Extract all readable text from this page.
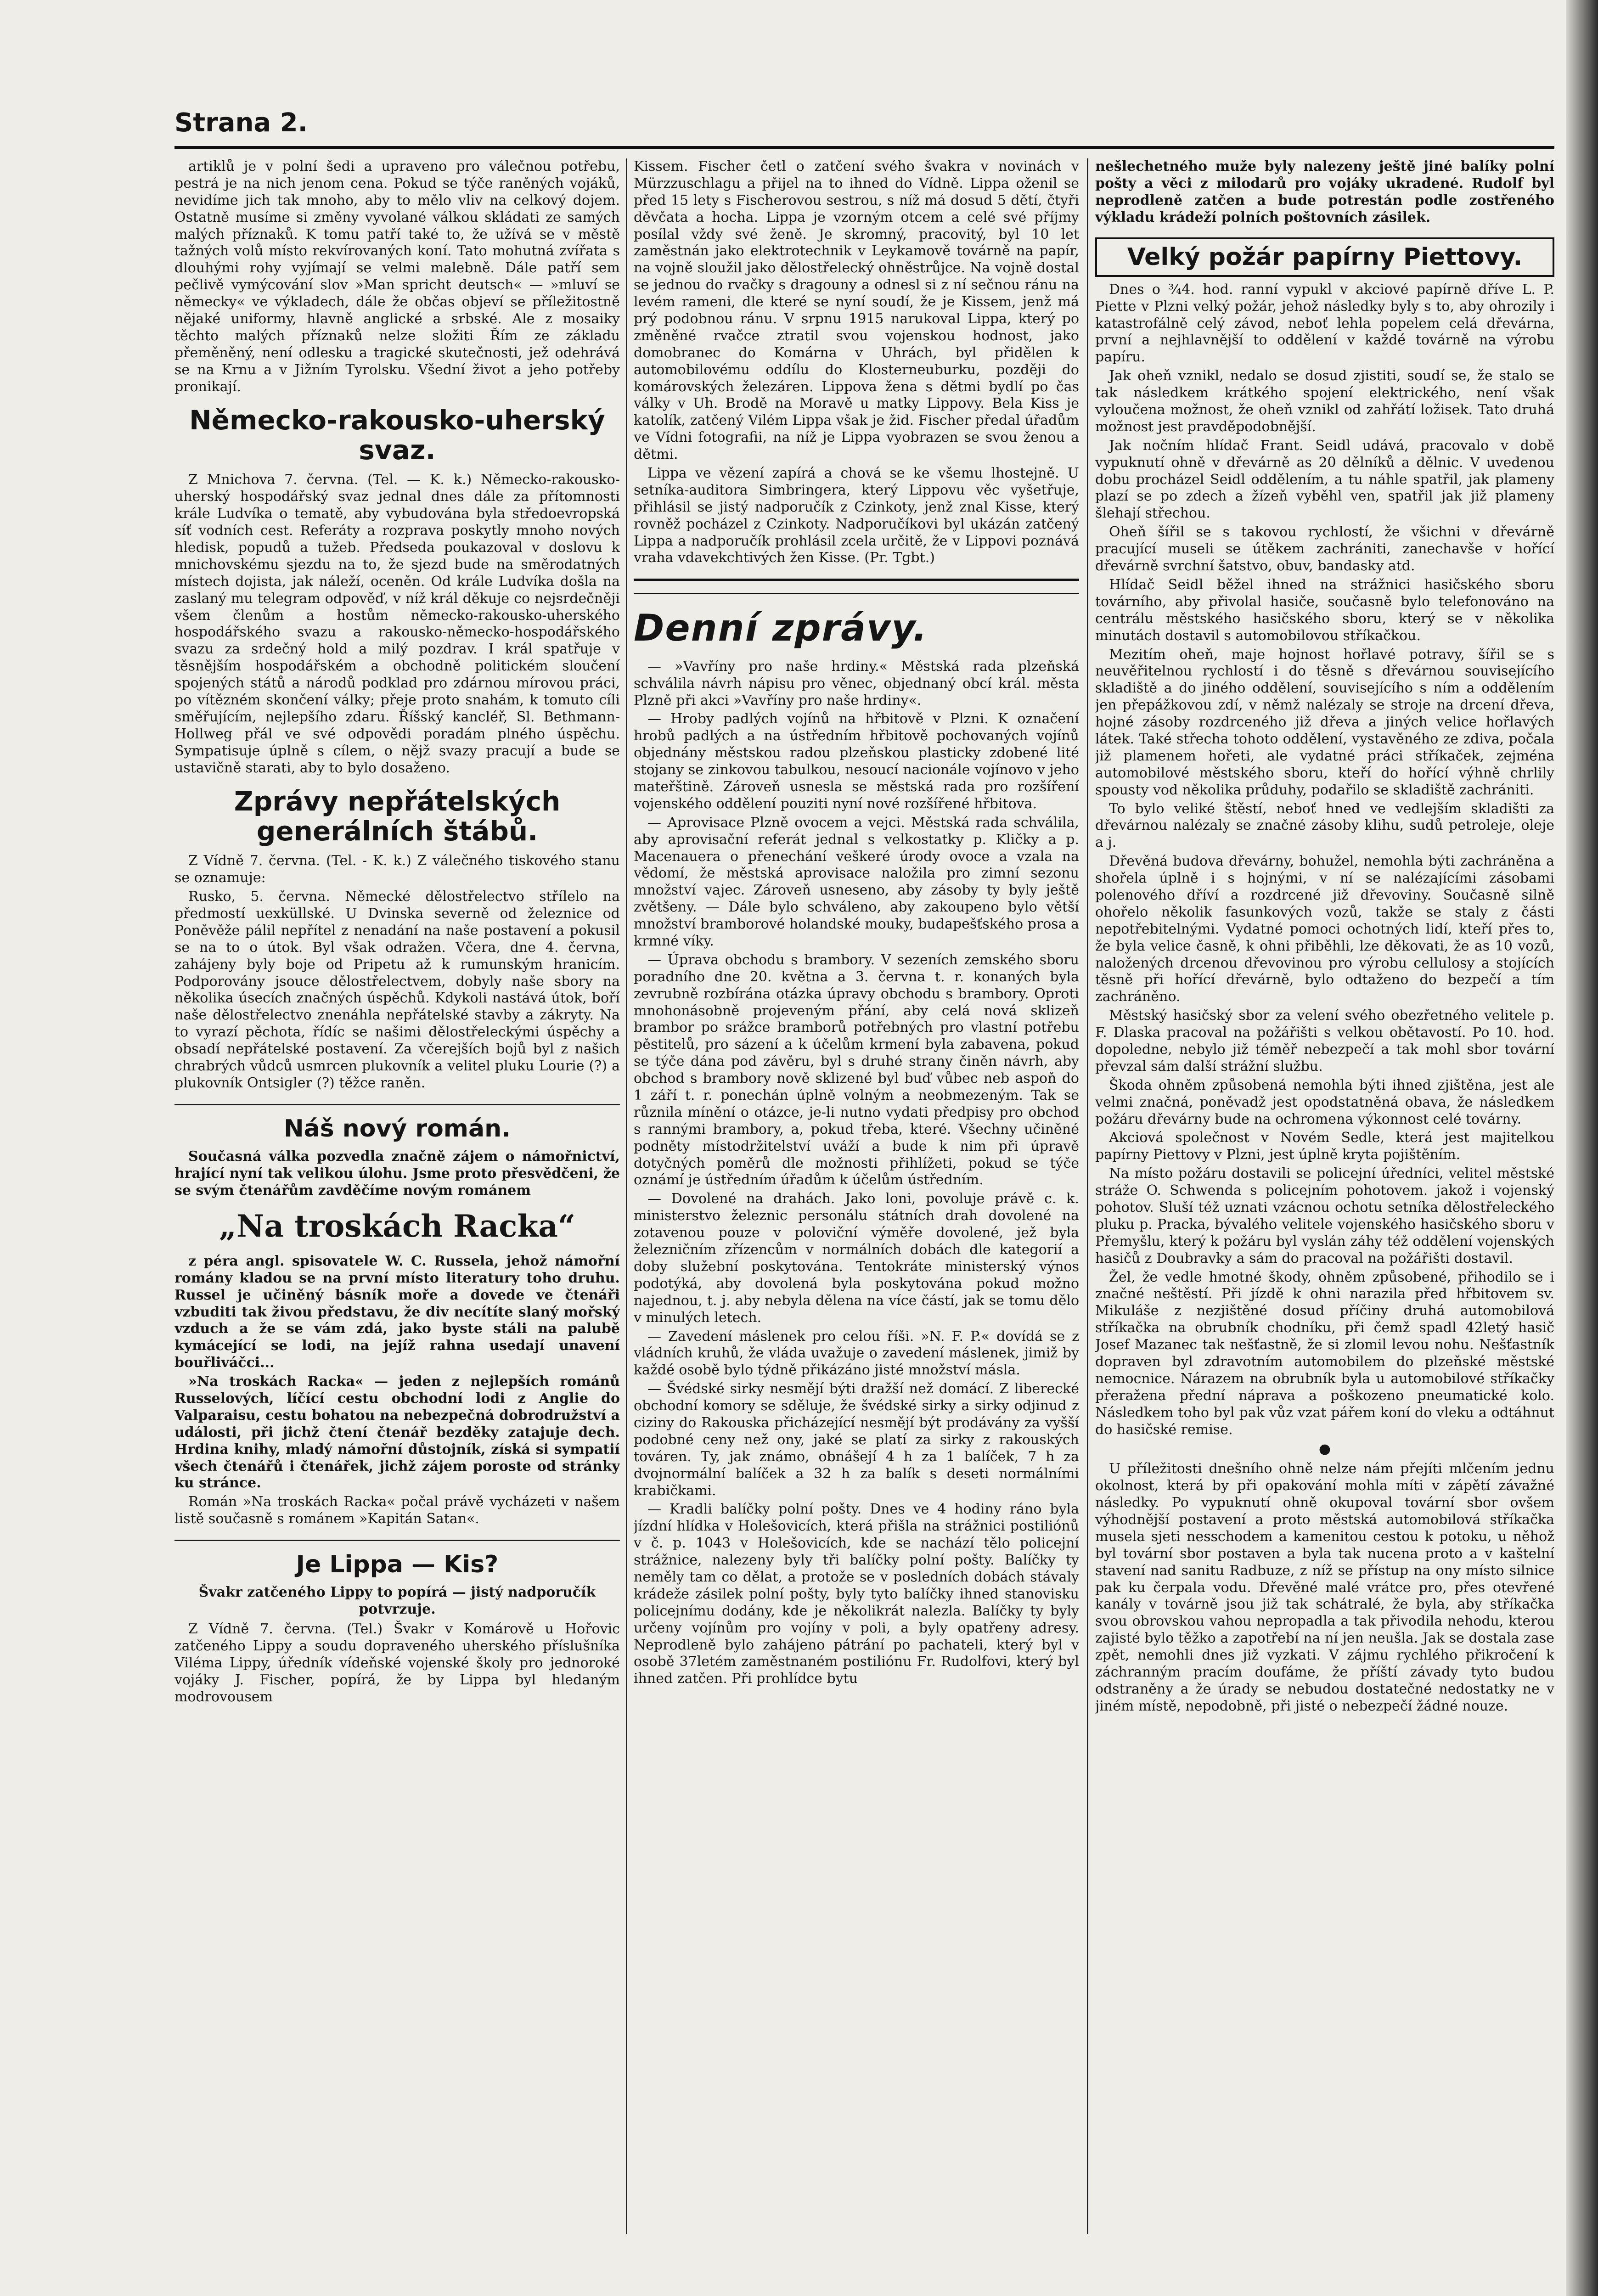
Strana 2.

artiklů je v polní šedi a upraveno pro válečnou potřebu, pestrá je na nich jenom cena. Pokud se týče raněných vojáků, nevidíme jich tak mnoho, aby to mělo vliv na celkový dojem. Ostatně musíme si změny vyvolané válkou skládati ze samých malých příznaků. K tomu patří také to, že užívá se v městě tažných volů místo rekvírovaných koní. Tato mohutná zvířata s dlouhými rohy vyjímají se velmi malebně. Dále patří sem pečlivě vymýcování slov »Man spricht deutsch« — »mluví se německy« ve výkladech, dále že občas objeví se příležitostně nějaké uniformy, hlavně anglické a srbské. Ale z mosaiky těchto malých příznaků nelze složiti Řím ze základu přeměněný, není odlesku a tragické skutečnosti, jež odehrává se na Krnu a v Jižním Tyrolsku. Všední život a jeho potřeby pronikají.

Německo-rakousko-uherský svaz.

Z Mnichova 7. června. (Tel. — K. k.) Německo-rakousko-uherský hospodářský svaz jednal dnes dále za přítomnosti krále Ludvíka o tematě, aby vybudována byla středoevropská síť vodních cest. Referáty a rozprava poskytly mnoho nových hledisk, popudů a tužeb. Předseda poukazoval v doslovu k mnichovskému sjezdu na to, že sjezd bude na směrodatných místech dojista, jak náleží, oceněn. Od krále Ludvíka došla na zaslaný mu telegram odpověď, v níž král děkuje co nejsrdečněji všem členům a hostům německo-rakousko-uherského hospodářského svazu a rakousko-německo-hospodářského svazu za srdečný hold a milý pozdrav. I král spatřuje v těsnějším hospodářském a obchodně politickém sloučení spojených států a národů podklad pro zdárnou mírovou práci, po vítězném skončení války; přeje proto snahám, k tomuto cíli směřujícím, nejlepšího zdaru. Říšský kancléř, Sl. Bethmann-Hollweg přál ve své odpovědi poradám plného úspěchu. Sympatisuje úplně s cílem, o nějž svazy pracují a bude se ustavičně starati, aby to bylo dosaženo.

Zprávy nepřátelských generálních štábů.

Z Vídně 7. června. (Tel. - K. k.) Z válečného tiskového stanu se oznamuje:

Rusko, 5. června. Německé dělostřelectvo střílelo na předmostí uexküllské. U Dvinska severně od železnice od Poněvěže pálil nepřítel z nenadání na naše postavení a pokusil se na to o útok. Byl však odražen. Včera, dne 4. června, zahájeny byly boje od Pripetu až k rumunským hranicím. Podporovány jsouce dělostřelectvem, dobyly naše sbory na několika úsecích značných úspěchů. Kdykoli nastává útok, boří naše dělostřelectvo znenáhla nepřátelské stavby a zákryty. Na to vyrazí pěchota, řídíc se našimi dělostřeleckými úspěchy a obsadí nepřátelské postavení. Za včerejších bojů byl z našich chrabrých vůdců usmrcen plukovník a velitel pluku Lourie (?) a plukovník Ontsigler (?) těžce raněn.

Náš nový román.

Současná válka pozvedla značně zájem o námořnictví, hrající nyní tak velikou úlohu. Jsme proto přesvědčeni, že se svým čtenářům zavděčíme novým románem

„Na troskách Racka“

z péra angl. spisovatele W. C. Russela, jehož námořní romány kladou se na první místo literatury toho druhu. Russel je učiněný básník moře a dovede ve čtenáři vzbuditi tak živou představu, že div necítíte slaný mořský vzduch a že se vám zdá, jako byste stáli na palubě kymácející se lodi, na jejíž rahna usedají unavení bouřliváčci...

»Na troskách Racka« — jeden z nejlepších románů Russelových, líčící cestu obchodní lodi z Anglie do Valparaisu, cestu bohatou na nebezpečná dobrodružství a události, při jichž čtení čtenář bezděky zatajuje dech. Hrdina knihy, mladý námořní důstojník, získá si sympatií všech čtenářů i čtenářek, jichž zájem poroste od stránky ku stránce.

Román »Na troskách Racka« počal právě vycházeti v našem listě současně s románem »Kapitán Satan«.

Je Lippa — Kis?
Švakr zatčeného Lippy to popírá — jistý nadporučík potvrzuje.

Z Vídně 7. června. (Tel.) Švakr v Komárově u Hořovic zatčeného Lippy a soudu dopraveného uherského příslušníka Viléma Lippy, úředník vídeňské vojenské školy pro jednoroké vojáky J. Fischer, popírá, že by Lippa byl hledaným modrovousem

Kissem. Fischer četl o zatčení svého švakra v novinách v Mürzzuschlagu a přijel na to ihned do Vídně. Lippa oženil se před 15 lety s Fischerovou sestrou, s níž má dosud 5 dětí, čtyři děvčata a hocha. Lippa je vzorným otcem a celé své příjmy posílal vždy své ženě. Je skromný, pracovitý, byl 10 let zaměstnán jako elektrotechnik v Leykamově továrně na papír, na vojně sloužil jako dělostřelecký ohněstrůjce. Na vojně dostal se jednou do rvačky s dragouny a odnesl si z ní sečnou ránu na levém rameni, dle které se nyní soudí, že je Kissem, jenž má prý podobnou ránu. V srpnu 1915 narukoval Lippa, který po změněné rvačce ztratil svou vojenskou hodnost, jako domobranec do Komárna v Uhrách, byl přidělen k automobilovému oddílu do Klosterneuburku, později do komárovských železáren. Lippova žena s dětmi bydlí po čas války v Uh. Brodě na Moravě u matky Lippovy. Bela Kiss je katolík, zatčený Vilém Lippa však je žid. Fischer předal úřadům ve Vídni fotografii, na níž je Lippa vyobrazen se svou ženou a dětmi.

Lippa ve vězení zapírá a chová se ke všemu lhostejně. U setníka-auditora Simbringera, který Lippovu věc vyšetřuje, přihlásil se jistý nadporučík z Czinkoty, jenž znal Kisse, který rovněž pocházel z Czinkoty. Nadporučíkovi byl ukázán zatčený Lippa a nadporučík prohlásil zcela určitě, že v Lippovi poznává vraha vdavekchtivých žen Kisse. (Pr. Tgbt.)

Denní zprávy.

— »Vavříny pro naše hrdiny.« Městská rada plzeňská schválila návrh nápisu pro věnec, objednaný obcí král. města Plzně při akci »Vavříny pro naše hrdiny«.

— Hroby padlých vojínů na hřbitově v Plzni. K označení hrobů padlých a na ústředním hřbitově pochovaných vojínů objednány městskou radou plzeňskou plasticky zdobené lité stojany se zinkovou tabulkou, nesoucí nacionále vojínovo v jeho mateřštině. Zároveň usnesla se městská rada pro rozšíření vojenského oddělení pouziti nyní nové rozšířené hřbitova.

— Aprovisace Plzně ovocem a vejci. Městská rada schválila, aby aprovisační referát jednal s velkostatky p. Kličky a p. Macenauera o přenechání veškeré úrody ovoce a vzala na vědomí, že městská aprovisace naložila pro zimní sezonu množství vajec. Zároveň usneseno, aby zásoby ty byly ještě zvětšeny. — Dále bylo schváleno, aby zakoupeno bylo větší množství bramborové holandské mouky, budapešťského prosa a krmné víky.

— Úprava obchodu s brambory. V sezeních zemského sboru poradního dne 20. května a 3. června t. r. konaných byla zevrubně rozbírána otázka úpravy obchodu s brambory. Oproti mnohonásobně projeveným přání, aby celá nová sklizeň brambor po srážce bramborů potřebných pro vlastní potřebu pěstitelů, pro sázení a k účelům krmení byla zabavena, pokud se týče dána pod závěru, byl s druhé strany činěn návrh, aby obchod s brambory nově sklizené byl buď vůbec neb aspoň do 1 září t. r. ponechán úplně volným a neobmezeným. Tak se různila mínění o otázce, je-li nutno vydati předpisy pro obchod s rannými brambory, a, pokud třeba, které. Všechny učiněné podněty místodržitelství uváží a bude k nim při úpravě dotyčných poměrů dle možnosti přihlížeti, pokud se týče oznámí je ústředním úřadům k účelům ústředním.

— Dovolené na drahách. Jako loni, povoluje právě c. k. ministerstvo železnic personálu státních drah dovolené na zotavenou pouze v poloviční výměře dovolené, jež byla železničním zřízencům v normálních dobách dle kategorií a doby služební poskytována. Tentokráte ministerský výnos podotýká, aby dovolená byla poskytována pokud možno najednou, t. j. aby nebyla dělena na více částí, jak se tomu dělo v minulých letech.

— Zavedení máslenek pro celou říši. »N. F. P.« dovídá se z vládních kruhů, že vláda uvažuje o zavedení máslenek, jimiž by každé osobě bylo týdně přikázáno jisté množství másla.

— Švédské sirky nesmějí býti dražší než domácí. Z liberecké obchodní komory se sděluje, že švédské sirky a sirky odjinud z ciziny do Rakouska přicházející nesmějí být prodávány za vyšší podobné ceny než ony, jaké se platí za sirky z rakouských továren. Ty, jak známo, obnášejí 4 h za 1 balíček, 7 h za dvojnormální balíček a 32 h za balík s deseti normálními krabičkami.

— Kradli balíčky polní pošty. Dnes ve 4 hodiny ráno byla jízdní hlídka v Holešovicích, která přišla na strážnici postiliónů v č. p. 1043 v Holešovicích, kde se nachází tělo policejní strážnice, nalezeny byly tři balíčky polní pošty. Balíčky ty neměly tam co dělat, a protože se v posledních dobách stávaly krádeže zásilek polní pošty, byly tyto balíčky ihned stanovisku policejnímu dodány, kde je několikrát nalezla. Balíčky ty byly určeny vojínům pro vojíny v poli, a byly opatřeny adresy. Neprodleně bylo zahájeno pátrání po pachateli, který byl v osobě 37letém zaměstnaném postiliónu Fr. Rudolfovi, který byl ihned zatčen. Při prohlídce bytu

nešlechetného muže byly nalezeny ještě jiné balíky polní pošty a věci z milodarů pro vojáky ukradené. Rudolf byl neprodleně zatčen a bude potrestán podle zostřeného výkladu krádeží polních poštovních zásilek.

Velký požár papírny Piettovy.

Dnes o ¾4. hod. ranní vypukl v akciové papírně dříve L. P. Piette v Plzni velký požár, jehož následky byly s to, aby ohrozily i katastrofálně celý závod, neboť lehla popelem celá dřevárna, první a nejhlavnější to oddělení v každé továrně na výrobu papíru.

Jak oheň vznikl, nedalo se dosud zjistiti, soudí se, že stalo se tak následkem krátkého spojení elektrického, není však vyloučena možnost, že oheň vznikl od zahřátí ložisek. Tato druhá možnost jest pravděpodobnější.

Jak nočním hlídač Frant. Seidl udává, pracovalo v době vypuknutí ohně v dřevárně as 20 dělníků a dělnic. V uvedenou dobu procházel Seidl oddělením, a tu náhle spatřil, jak plameny plazí se po zdech a žízeň vyběhl ven, spatřil jak již plameny šlehají střechou.

Oheň šířil se s takovou rychlostí, že všichni v dřevárně pracující museli se útěkem zachrániti, zanechavše v hořící dřevárně svrchní šatstvo, obuv, bandasky atd.

Hlídač Seidl běžel ihned na strážnici hasičského sboru továrního, aby přivolal hasiče, současně bylo telefonováno na centrálu městského hasičského sboru, který se v několika minutách dostavil s automobilovou stříkačkou.

Mezitím oheň, maje hojnost hořlavé potravy, šířil se s neuvěřitelnou rychlostí i do těsně s dřevárnou souvisejícího skladiště a do jiného oddělení, souvisejícího s ním a oddělením jen přepážkovou zdí, v němž nalézaly se stroje na drcení dřeva, hojné zásoby rozdrceného již dřeva a jiných velice hořlavých látek. Také střecha tohoto oddělení, vystavěného ze zdiva, počala již plamenem hořeti, ale vydatné práci stříkaček, zejména automobilové městského sboru, kteří do hořící výhně chrlily spousty vod několika průduhy, podařilo se skladiště zachrániti.

To bylo veliké štěstí, neboť hned ve vedlejším skladišti za dřevárnou nalézaly se značné zásoby klihu, sudů petroleje, oleje a j.

Dřevěná budova dřevárny, bohužel, nemohla býti zachráněna a shořela úplně i s hojnými, v ní se nalézajícími zásobami polenového dříví a rozdrcené již dřevoviny. Současně silně ohořelo několik fasunkových vozů, takže se staly z části nepotřebitelnými. Vydatné pomoci ochotných lidí, kteří přes to, že byla velice časně, k ohni přiběhli, lze děkovati, že as 10 vozů, naložených drcenou dřevovinou pro výrobu cellulosy a stojících těsně při hořící dřevárně, bylo odtaženo do bezpečí a tím zachráněno.

Městský hasičský sbor za velení svého obezřetného velitele p. F. Dlaska pracoval na požářišti s velkou obětavostí. Po 10. hod. dopoledne, nebylo již téměř nebezpečí a tak mohl sbor tovární převzal sám další strážní službu.

Škoda ohněm způsobená nemohla býti ihned zjištěna, jest ale velmi značná, poněvadž jest opodstatněná obava, že následkem požáru dřevárny bude na ochromena výkonnost celé továrny.

Akciová společnost v Novém Sedle, která jest majitelkou papírny Piettovy v Plzni, jest úplně kryta pojištěním.

Na místo požáru dostavili se policejní úředníci, velitel městské stráže O. Schwenda s policejním pohotovem. jakož i vojenský pohotov. Sluší též uznati vzácnou ochotu setníka dělostřeleckého pluku p. Pracka, bývalého velitele vojenského hasičského sboru v Přemyšlu, který k požáru byl vyslán záhy též oddělení vojenských hasičů z Doubravky a sám do pracoval na požářišti dostavil.

Žel, že vedle hmotné škody, ohněm způsobené, přihodilo se i značné neštěstí. Při jízdě k ohni narazila před hřbitovem sv. Mikuláše z nezjištěné dosud příčiny druhá automobilová stříkačka na obrubník chodníku, při čemž spadl 42letý hasič Josef Mazanec tak nešťastně, že si zlomil levou nohu. Nešťastník dopraven byl zdravotním automobilem do plzeňské městské nemocnice. Nárazem na obrubník byla u automobilové stříkačky přeražena přední náprava a poškozeno pneumatické kolo. Následkem toho byl pak vůz vzat pářem koní do vleku a odtáhnut do hasičské remise.

●

U příležitosti dnešního ohně nelze nám přejíti mlčením jednu okolnost, která by při opakování mohla míti v zápětí závažné následky. Po vypuknutí ohně okupoval tovární sbor ovšem výhodnější postavení a proto městská automobilová stříkačka musela sjeti nesschodem a kamenitou cestou k potoku, u něhož byl tovární sbor postaven a byla tak nucena proto a v kaštelní stavení nad sanitu Radbuze, z níž se přístup na ony místo silnice pak ku čerpala vodu. Dřevěné malé vrátce pro, přes otevřené kanály v továrně jsou již tak schátralé, že byla, aby stříkačka svou obrovskou vahou nepropadla a tak přivodila nehodu, kterou zajisté bylo těžko a zapotřebí na ní jen neušla. Jak se dostala zase zpět, nemohli dnes již vyzkati. V zájmu rychlého přikročení k záchranným pracím doufáme, že příští závady tyto budou odstraněny a že úrady se nebudou dostatečné nedostatky ne v jiném místě, nepodobně, při jisté o nebezpečí žádné nouze.
